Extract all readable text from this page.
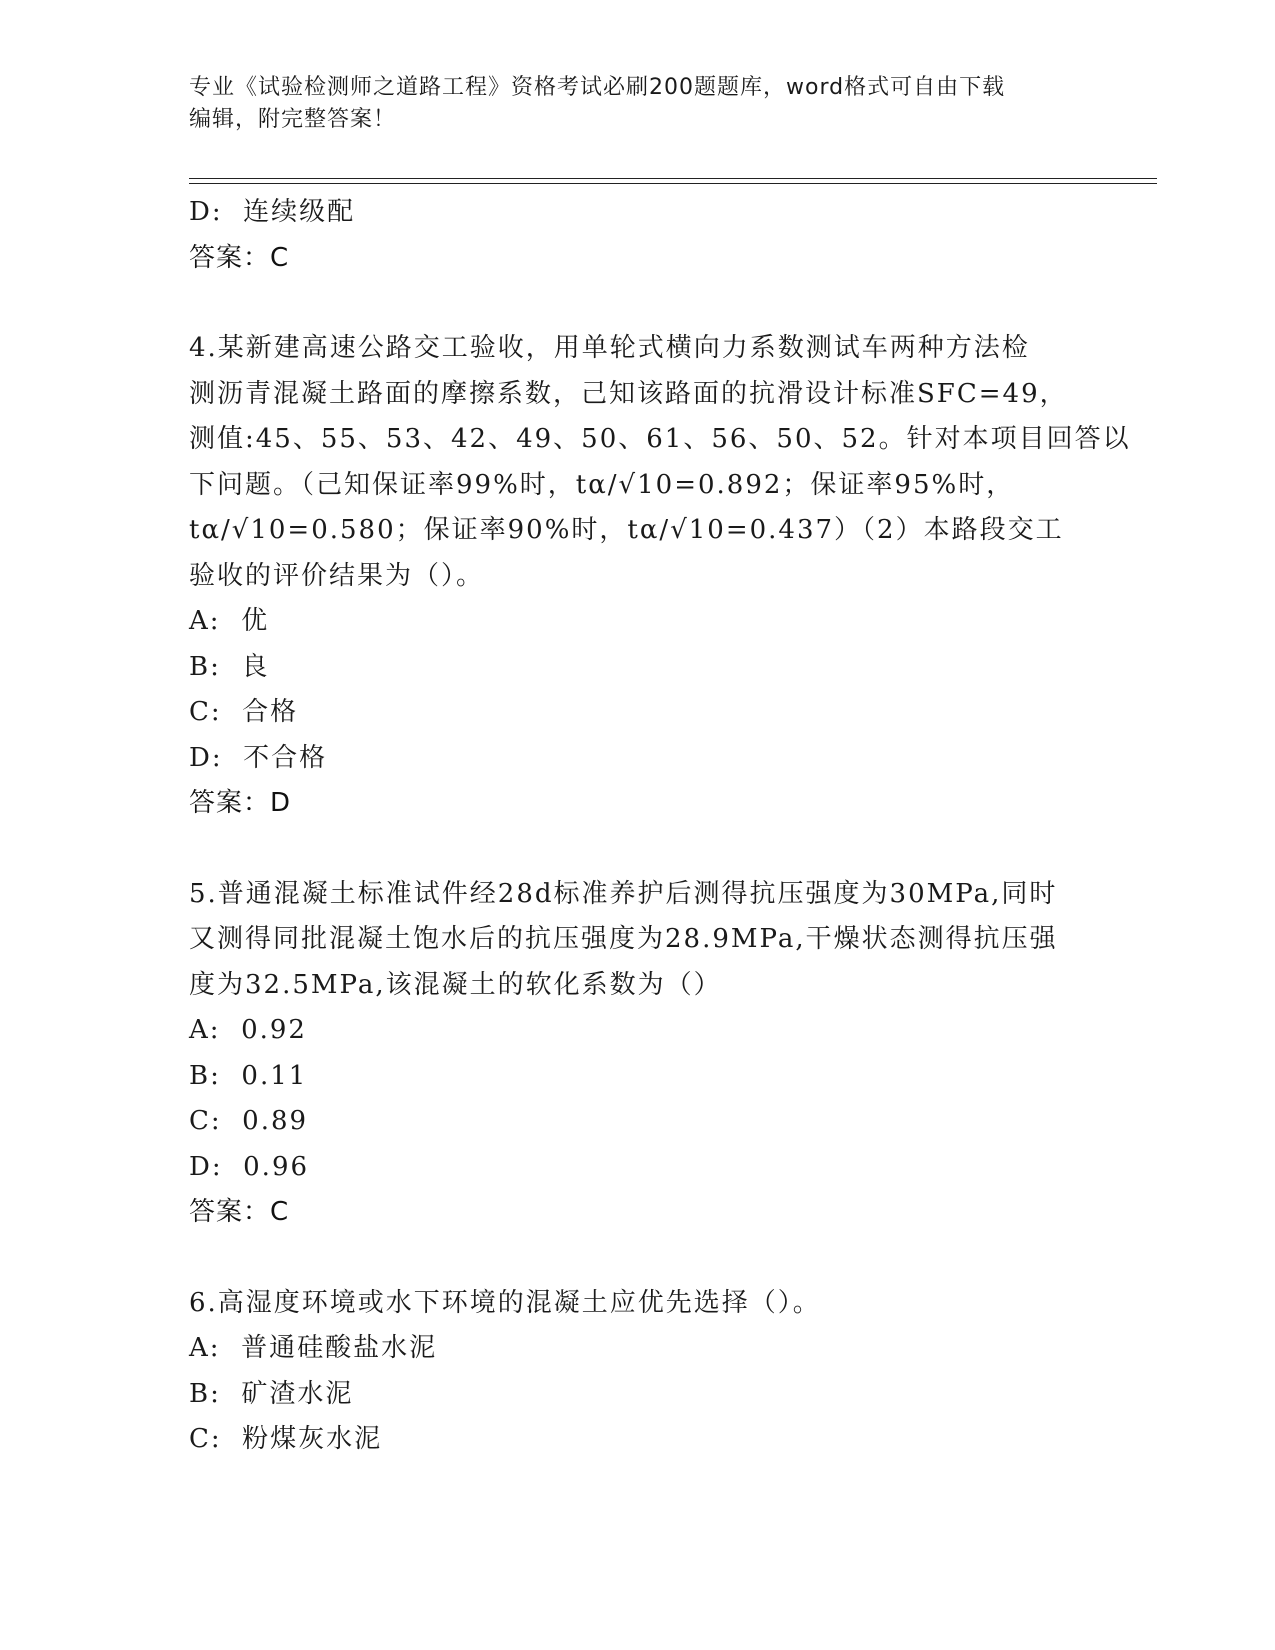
专业《试验检测师之道路工程》资格考试必刷200题题库，word格式可自由下载
编辑，附完整答案！
D:  连续级配
答案：C
4.某新建高速公路交工验收，用单轮式横向力系数测试车两种方法检
测沥青混凝土路面的摩擦系数，己知该路面的抗滑设计标准SFC=49，
测值:45、55、53、42、49、50、61、56、50、52。针对本项目回答以
下问题。（己知保证率99%时，tα/√10=0.892；保证率95%时，
tα/√10=0.580；保证率90%时，tα/√10=0.437）（2）本路段交工
验收的评价结果为（）。
A:  优
B:  良
C:  合格
D:  不合格
答案：D
5.普通混凝土标准试件经28d标准养护后测得抗压强度为30MPa,同时
又测得同批混凝土饱水后的抗压强度为28.9MPa,干燥状态测得抗压强
度为32.5MPa,该混凝土的软化系数为（）
A:  0.92
B:  0.11
C:  0.89
D:  0.96
答案：C
6.高湿度环境或水下环境的混凝土应优先选择（）。
A:  普通硅酸盐水泥
B:  矿渣水泥
C:  粉煤灰水泥
